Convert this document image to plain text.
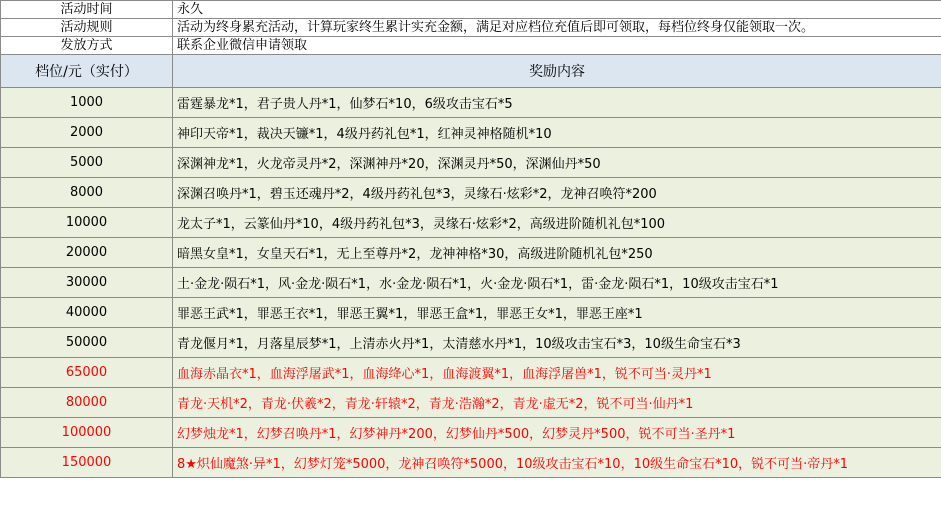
活动时间	永久
活动规则	活动为终身累充活动，计算玩家终生累计实充金额，满足对应档位充值后即可领取，每档位终身仅能领取一次。
发放方式	联系企业微信申请领取
档位/元（实付）	奖励内容
1000	雷霆暴龙*1，君子贵人丹*1，仙梦石*10，6级攻击宝石*5
2000	神印天帝*1，裁决天镰*1，4级丹药礼包*1，红神灵神格随机*10
5000	深渊神龙*1，火龙帝灵丹*2，深渊神丹*20，深渊灵丹*50，深渊仙丹*50
8000	深渊召唤丹*1，碧玉还魂丹*2，4级丹药礼包*3，灵缘石·炫彩*2，龙神召唤符*200
10000	龙太子*1，云篆仙丹*10，4级丹药礼包*3，灵缘石·炫彩*2，高级进阶随机礼包*100
20000	暗黑女皇*1，女皇天石*1，无上至尊丹*2，龙神神格*30，高级进阶随机礼包*250
30000	土·金龙·陨石*1，风·金龙·陨石*1，水·金龙·陨石*1，火·金龙·陨石*1，雷·金龙·陨石*1，10级攻击宝石*1
40000	罪恶王武*1，罪恶王衣*1，罪恶王翼*1，罪恶王盒*1，罪恶王女*1，罪恶王座*1
50000	青龙偃月*1，月落星辰梦*1，上清赤火丹*1，太清慈水丹*1，10级攻击宝石*3，10级生命宝石*3
65000	血海赤晶衣*1，血海浮屠武*1，血海绛心*1，血海渡翼*1，血海浮屠兽*1，锐不可当·灵丹*1
80000	青龙·天机*2，青龙·伏羲*2，青龙·轩辕*2，青龙·浩瀚*2，青龙·虚无*2，锐不可当·仙丹*1
100000	幻梦烛龙*1，幻梦召唤丹*1，幻梦神丹*200，幻梦仙丹*500，幻梦灵丹*500，锐不可当·圣丹*1
150000	8★炽仙魔煞·异*1，幻梦灯笼*5000，龙神召唤符*5000，10级攻击宝石*10，10级生命宝石*10，锐不可当·帝丹*1
